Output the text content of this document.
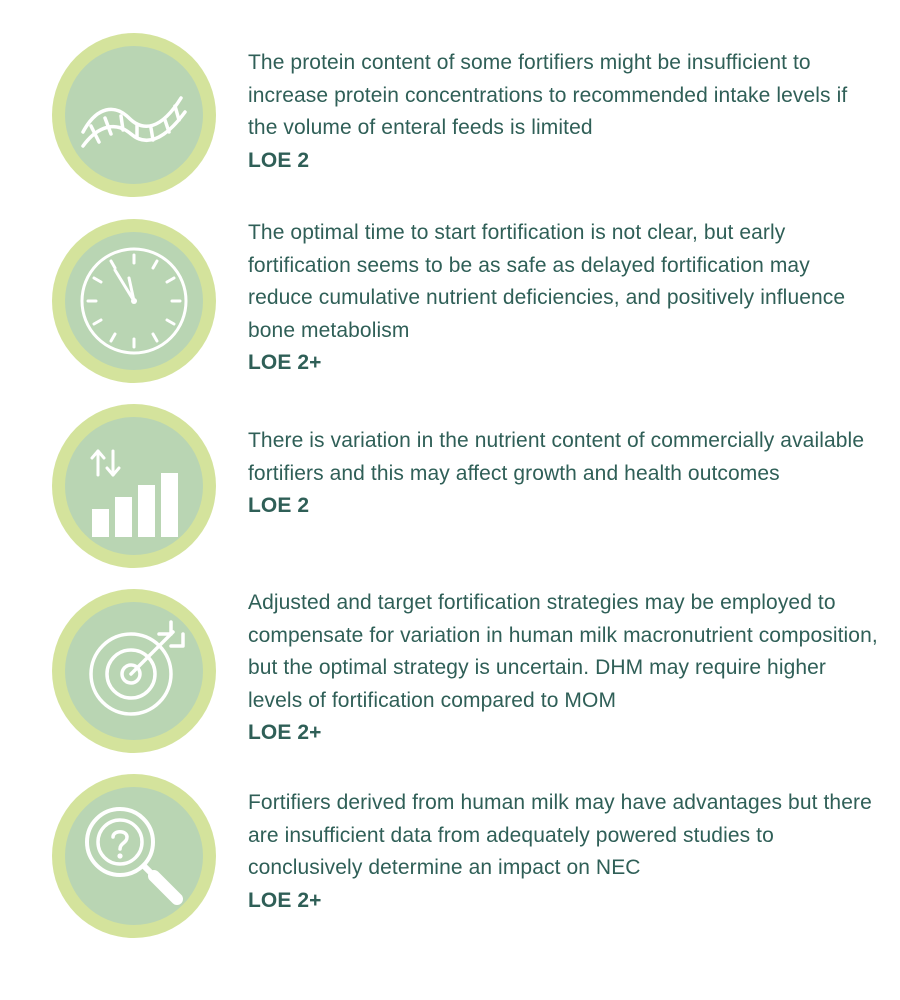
The protein content of some fortifiers might be insufficient to increase protein concentrations to recommended intake levels if the volume of enteral feeds is limited
LOE 2
The optimal time to start fortification is not clear, but early fortification seems to be as safe as delayed fortification may reduce cumulative nutrient deficiencies, and positively influence bone metabolism
LOE 2+
There is variation in the nutrient content of commercially available fortifiers and this may affect growth and health outcomes
LOE 2
Adjusted and target fortification strategies may be employed to compensate for variation in human milk macronutrient composition, but the optimal strategy is uncertain. DHM may require higher levels of fortification compared to MOM
LOE 2+
Fortifiers derived from human milk may have advantages but there are insufficient data from adequately powered studies to conclusively determine an impact on NEC
LOE 2+
